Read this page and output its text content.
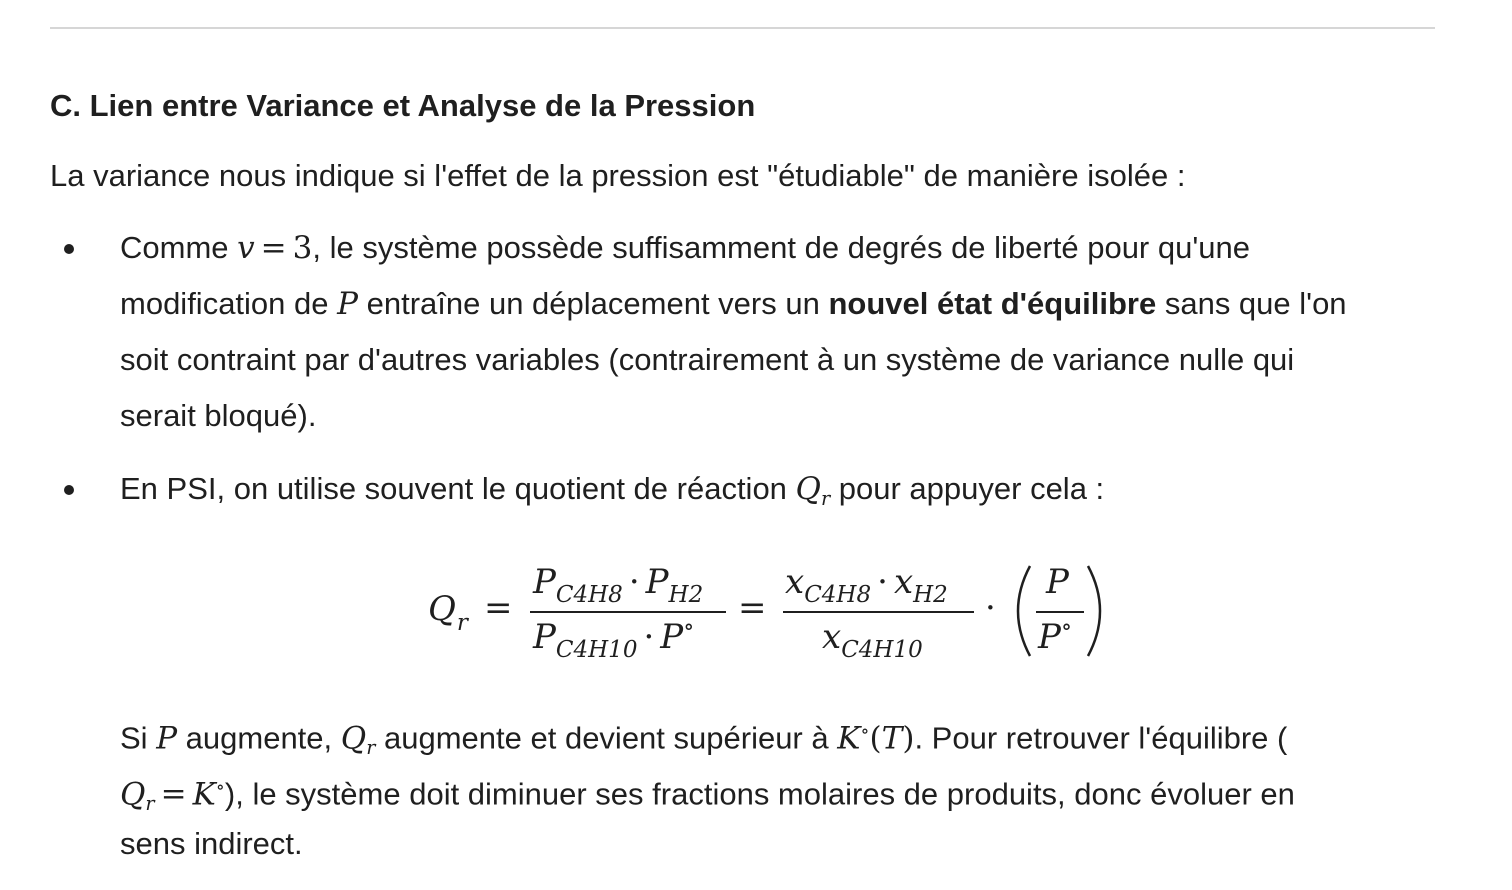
C. Lien entre Variance et Analyse de la Pression

La variance nous indique si l'effet de la pression est "étudiable" de manière isolée :

Comme v = 3, le système possède suffisamment de degrés de liberté pour qu'une

modification de P entraîne un déplacement vers un nouvel état d'équilibre sans que l'on

soit contraint par d'autres variables (contrairement à un système de variance nulle qui

serait bloqué).

En PSI, on utilise souvent le quotient de réaction $Q_r$ pour appuyer cela :

$Q_r$ =
$P_{C4H8} \cdot P_{H2}$
$P_{C4H10} \cdot P^\circ$ =
$x_{C4H8} \cdot x_{H2}$
$x_{C4H10}$
·
P
P∘

Si P augmente, $Q_r$ augmente et devient supérieur à K∘(T). Pour retrouver l'équilibre (

$Q_r = K^\circ$), le système doit diminuer ses fractions molaires de produits, donc évoluer en

sens indirect.
